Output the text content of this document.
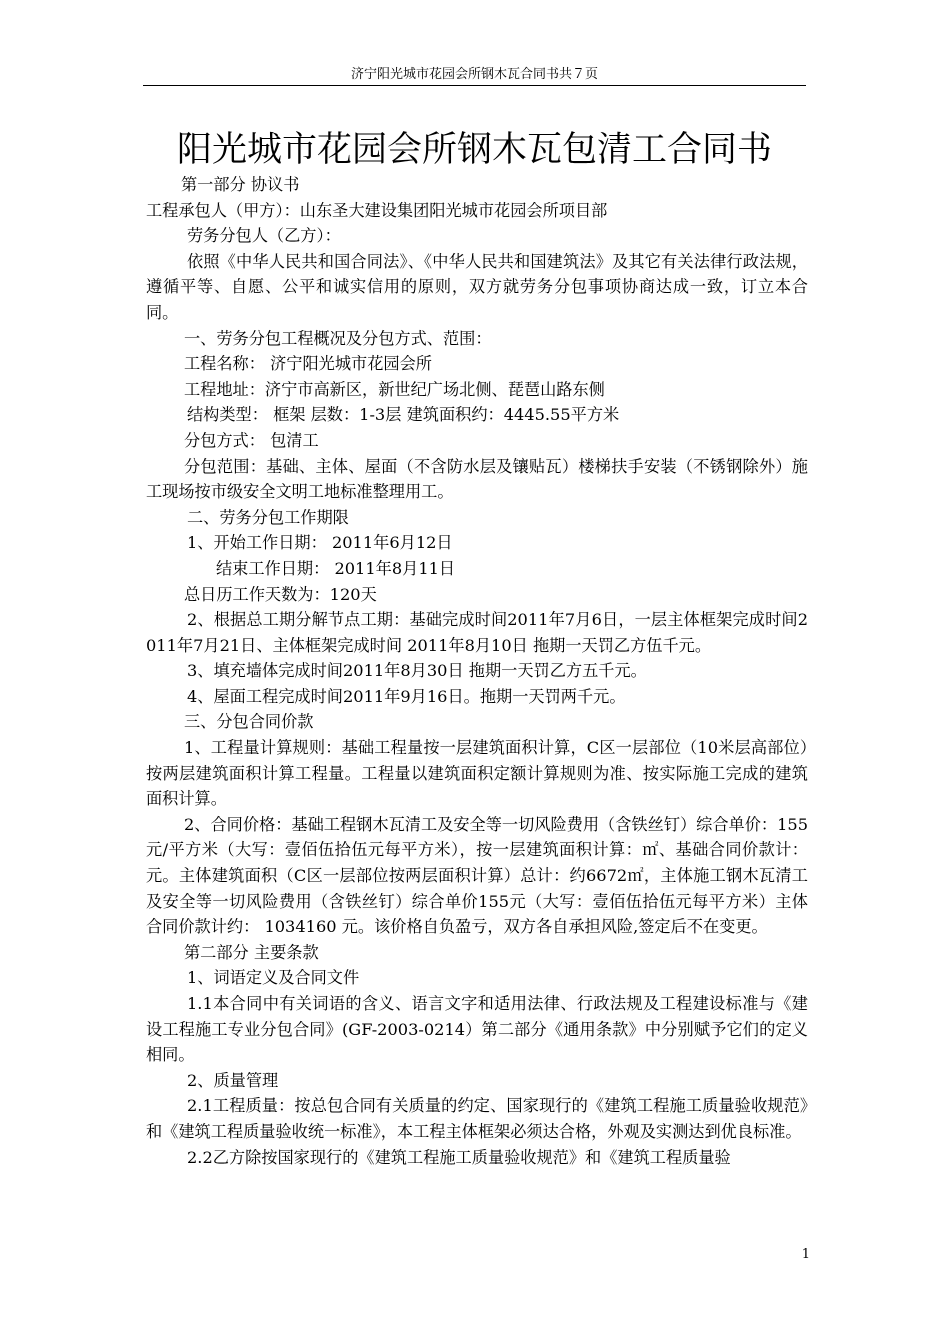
济宁阳光城市花园会所钢木瓦合同书共７页
阳光城市花园会所钢木瓦包清工合同书

第一部分 协议书

工程承包人（甲方）：山东圣大建设集团阳光城市花园会所项目部

劳务分包人（乙方）：

依照《中华人民共和国合同法》、《中华人民共和国建筑法》及其它有关法律行政法规，遵循平等、自愿、公平和诚实信用的原则，双方就劳务分包事项协商达成一致，订立本合同。

一、劳务分包工程概况及分包方式、范围：

工程名称： 济宁阳光城市花园会所

工程地址：济宁市高新区，新世纪广场北侧、琵琶山路东侧

结构类型： 框架 层数：1-3层 建筑面积约：4445.55平方米

分包方式： 包清工

分包范围：基础、主体、屋面（不含防水层及镶贴瓦）楼梯扶手安装（不锈钢除外）施工现场按市级安全文明工地标准整理用工。

二、劳务分包工作期限

1、开始工作日期： 2011年6月12日

结束工作日期： 2011年8月11日

总日历工作天数为：120天

2、根据总工期分解节点工期：基础完成时间2011年7月6日，一层主体框架完成时间2011年7月21日、主体框架完成时间 2011年8月10日 拖期一天罚乙方伍千元。

3、填充墙体完成时间2011年8月30日 拖期一天罚乙方五千元。

4、屋面工程完成时间2011年9月16日。拖期一天罚两千元。

三、分包合同价款

1、工程量计算规则：基础工程量按一层建筑面积计算，C区一层部位（10米层高部位）按两层建筑面积计算工程量。工程量以建筑面积定额计算规则为准、按实际施工完成的建筑面积计算。

2、合同价格：基础工程钢木瓦清工及安全等一切风险费用（含铁丝钉）综合单价：155元/平方米（大写：壹佰伍拾伍元每平方米），按一层建筑面积计算：㎡、基础合同价款计：元。主体建筑面积（C区一层部位按两层面积计算）总计：约6672㎡，主体施工钢木瓦清工及安全等一切风险费用（含铁丝钉）综合单价155元（大写：壹佰伍拾伍元每平方米）主体合同价款计约： 1034160 元。该价格自负盈亏，双方各自承担风险,签定后不在变更。

第二部分 主要条款

1、词语定义及合同文件

1.1本合同中有关词语的含义、语言文字和适用法律、行政法规及工程建设标准与《建设工程施工专业分包合同》(GF-2003-0214）第二部分《通用条款》中分别赋予它们的定义相同。

2、质量管理

2.1工程质量：按总包合同有关质量的约定、国家现行的《建筑工程施工质量验收规范》和《建筑工程质量验收统一标准》，本工程主体框架必须达合格，外观及实测达到优良标准。

2.2乙方除按国家现行的《建筑工程施工质量验收规范》和《建筑工程质量验

1
